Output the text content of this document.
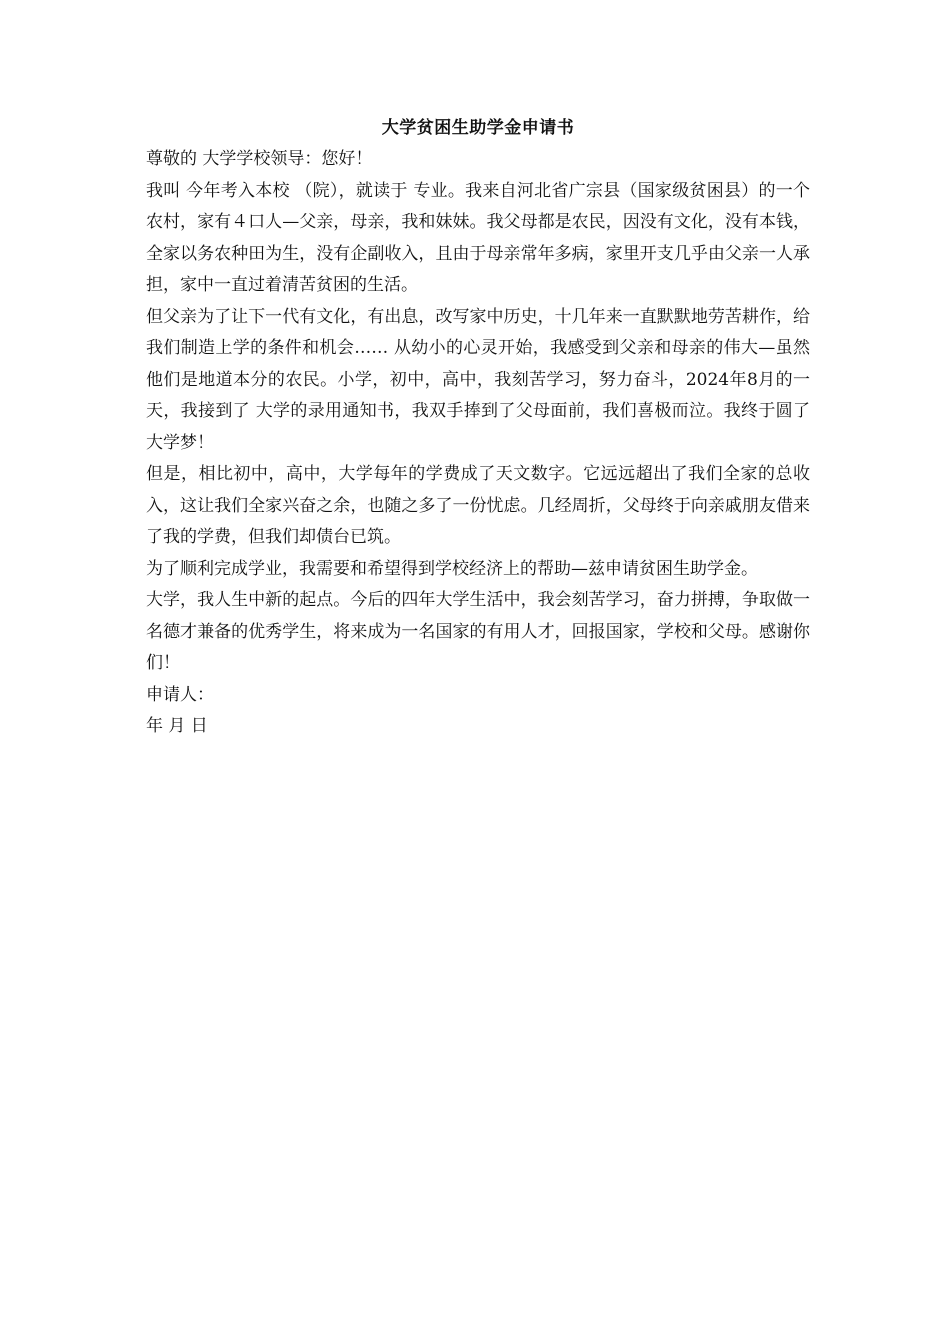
大学贫困生助学金申请书

尊敬的 大学学校领导：您好！

我叫 今年考入本校 （院），就读于 专业。我来自河北省广宗县（国家级贫困县）的一个农村，家有４口人—父亲，母亲，我和妹妹。我父母都是农民，因没有文化，没有本钱，全家以务农种田为生，没有企副收入，且由于母亲常年多病，家里开支几乎由父亲一人承担，家中一直过着清苦贫困的生活。

但父亲为了让下一代有文化，有出息，改写家中历史，十几年来一直默默地劳苦耕作，给我们制造上学的条件和机会…… 从幼小的心灵开始，我感受到父亲和母亲的伟大—虽然他们是地道本分的农民。小学，初中，高中，我刻苦学习，努力奋斗，2024年8月的一天，我接到了 大学的录用通知书，我双手捧到了父母面前，我们喜极而泣。我终于圆了大学梦！

但是，相比初中，高中，大学每年的学费成了天文数字。它远远超出了我们全家的总收入，这让我们全家兴奋之余，也随之多了一份忧虑。几经周折，父母终于向亲戚朋友借来了我的学费，但我们却债台已筑。

为了顺利完成学业，我需要和希望得到学校经济上的帮助—兹申请贫困生助学金。

大学，我人生中新的起点。今后的四年大学生活中，我会刻苦学习，奋力拼搏，争取做一名德才兼备的优秀学生，将来成为一名国家的有用人才，回报国家，学校和父母。感谢你们！

申请人：

年 月 日
